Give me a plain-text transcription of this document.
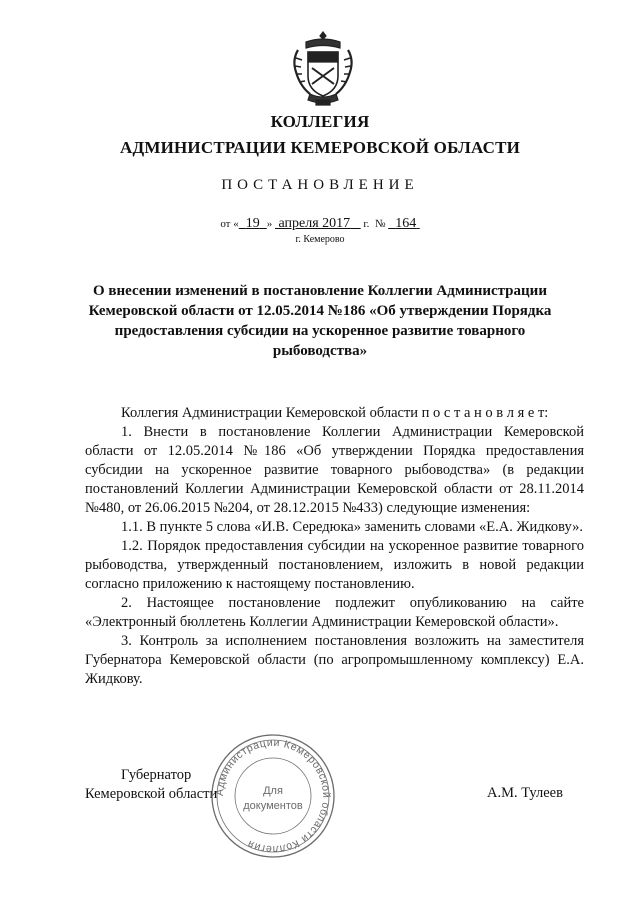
КОЛЛЕГИЯ
АДМИНИСТРАЦИИ КЕМЕРОВСКОЙ ОБЛАСТИ
ПОСТАНОВЛЕНИЕ
от « 19 » апреля 2017 г. № 164
г. Кемерово
О внесении изменений в постановление Коллегии Администрации Кемеровской области от 12.05.2014 №186 «Об утверждении Порядка предоставления субсидии на ускоренное развитие товарного рыбоводства»

Коллегия Администрации Кемеровской области п о с т а н о в л я е т:

1. Внести в постановление Коллегии Администрации Кемеровской области от 12.05.2014 №186 «Об утверждении Порядка предоставления субсидии на ускоренное развитие товарного рыбоводства» (в редакции постановлений Коллегии Администрации Кемеровской области от 28.11.2014 №480, от 26.06.2015 №204, от 28.12.2015 №433) следующие изменения:

1.1. В пункте 5 слова «И.В. Середюка» заменить словами «Е.А. Жидкову».

1.2. Порядок предоставления субсидии на ускоренное развитие товарного рыбоводства, утвержденный постановлением, изложить в новой редакции согласно приложению к настоящему постановлению.

2. Настоящее постановление подлежит опубликованию на сайте «Электронный бюллетень Коллегии Администрации Кемеровской области».

3. Контроль за исполнением постановления возложить на заместителя Губернатора Кемеровской области (по агропромышленному комплексу) Е.А. Жидкову.

Губернатор
Кемеровской области	А.М. Тулеев
Администрации Кемеровской области Коллегия
Для
документов
